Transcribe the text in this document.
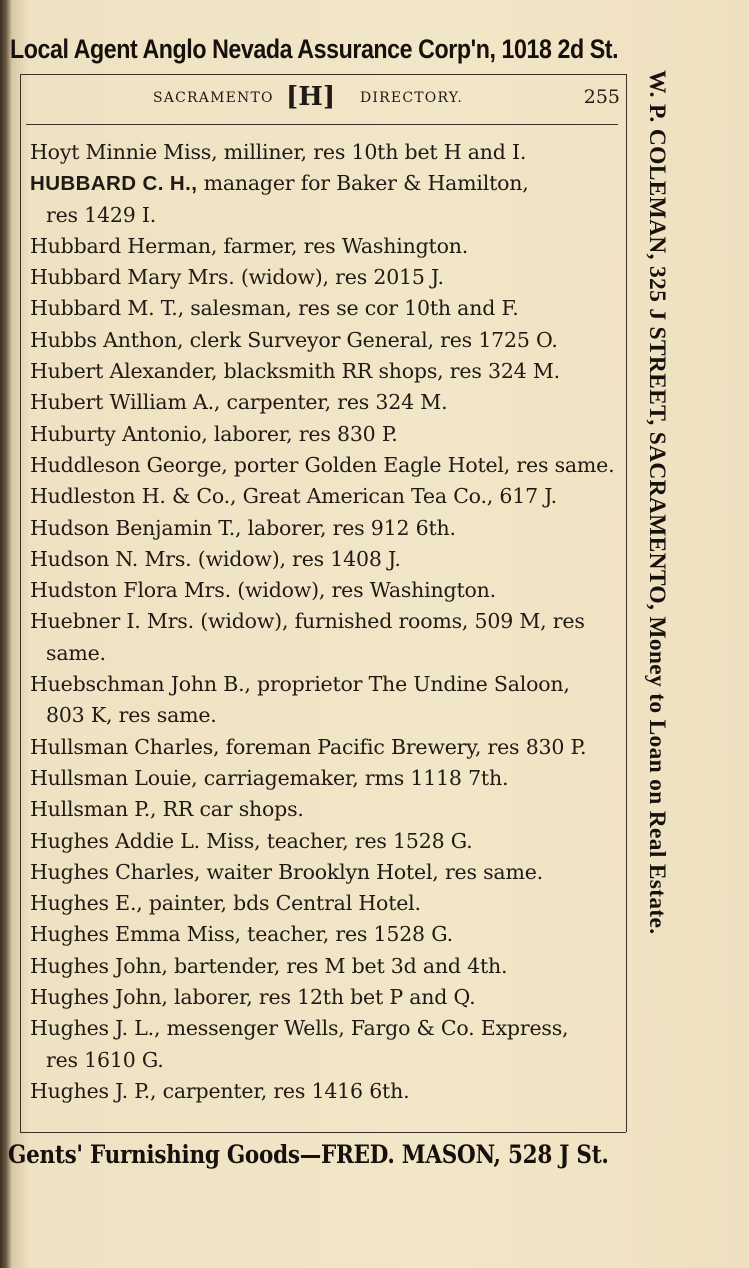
Local Agent Anglo Nevada Assurance Corp'n, 1018 2d St.
SACRAMENTO [H] DIRECTORY.	255
Hoyt Minnie Miss, milliner, res 10th bet H and I.
HUBBARD C. H., manager for Baker & Hamilton,
res 1429 I.
Hubbard Herman, farmer, res Washington.
Hubbard Mary Mrs. (widow), res 2015 J.
Hubbard M. T., salesman, res se cor 10th and F.
Hubbs Anthon, clerk Surveyor General, res 1725 O.
Hubert Alexander, blacksmith RR shops, res 324 M.
Hubert William A., carpenter, res 324 M.
Huburty Antonio, laborer, res 830 P.
Huddleson George, porter Golden Eagle Hotel, res same.
Hudleston H. & Co., Great American Tea Co., 617 J.
Hudson Benjamin T., laborer, res 912 6th.
Hudson N. Mrs. (widow), res 1408 J.
Hudston Flora Mrs. (widow), res Washington.
Huebner I. Mrs. (widow), furnished rooms, 509 M, res
same.
Huebschman John B., proprietor The Undine Saloon,
803 K, res same.
Hullsman Charles, foreman Pacific Brewery, res 830 P.
Hullsman Louie, carriagemaker, rms 1118 7th.
Hullsman P., RR car shops.
Hughes Addie L. Miss, teacher, res 1528 G.
Hughes Charles, waiter Brooklyn Hotel, res same.
Hughes E., painter, bds Central Hotel.
Hughes Emma Miss, teacher, res 1528 G.
Hughes John, bartender, res M bet 3d and 4th.
Hughes John, laborer, res 12th bet P and Q.
Hughes J. L., messenger Wells, Fargo & Co. Express,
res 1610 G.
Hughes J. P., carpenter, res 1416 6th.
W. P. COLEMAN, 325 J STREET, SACRAMENTO, Money to Loan on Real Estate.
Gents' Furnishing Goods—FRED. MASON, 528 J St.
